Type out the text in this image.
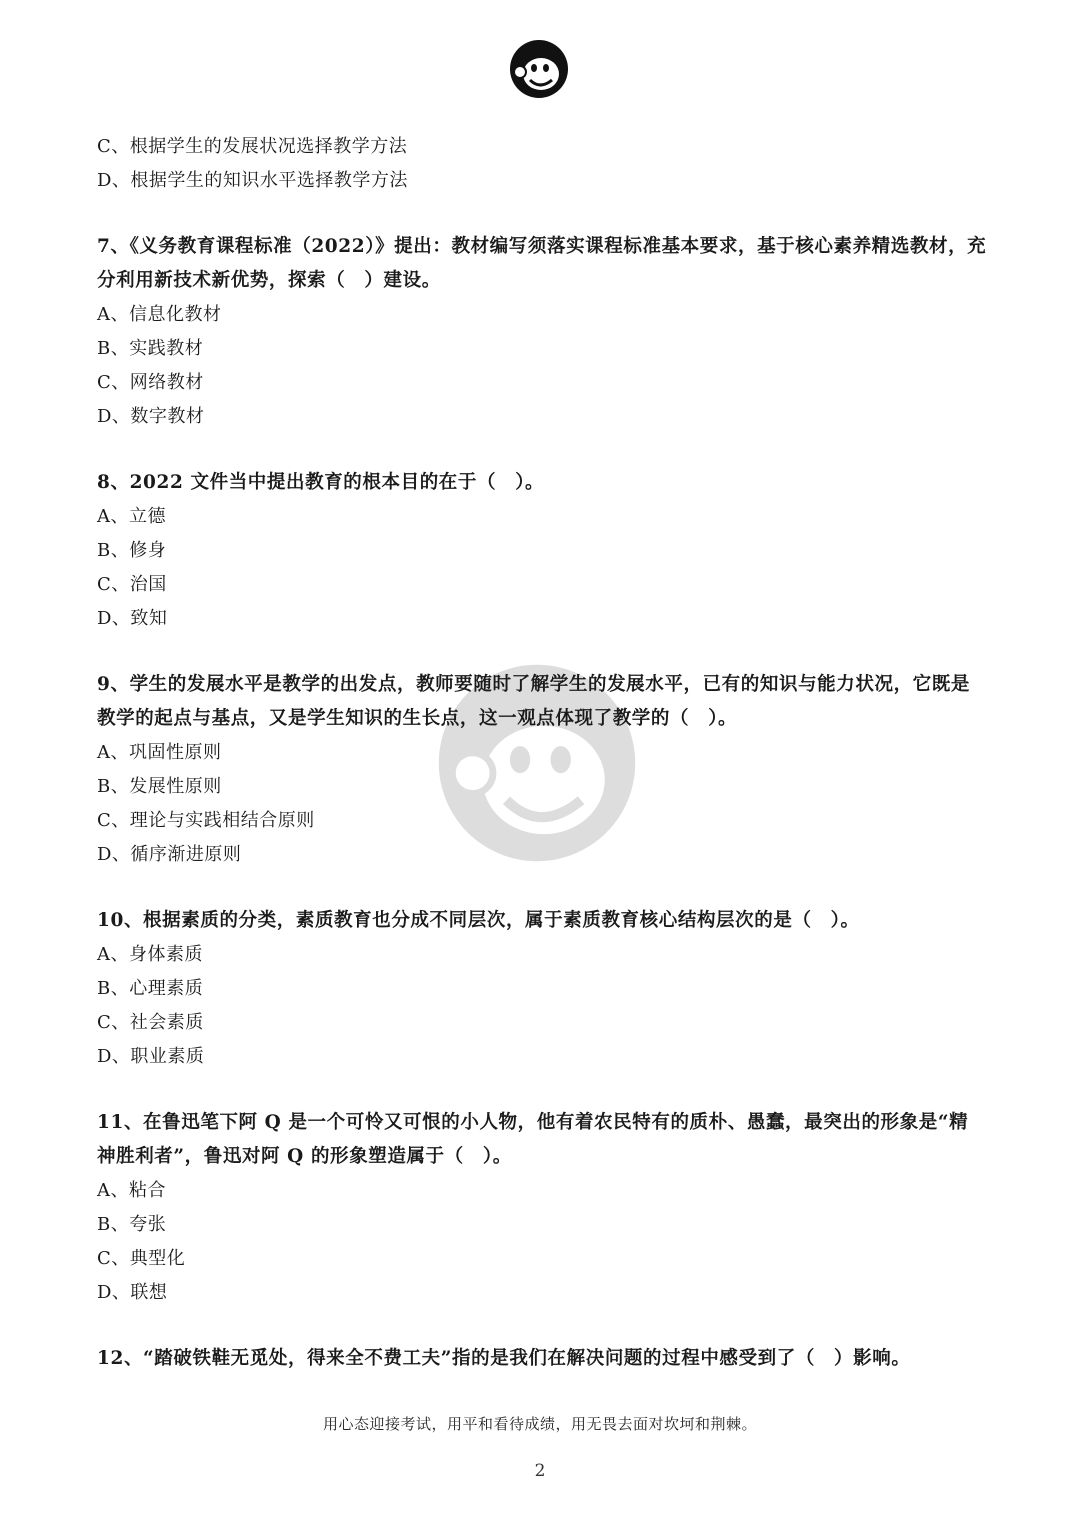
C、根据学生的发展状况选择教学方法
D、根据学生的知识水平选择教学方法
7、《义务教育课程标准（2022）》提出：教材编写须落实课程标准基本要求，基于核心素养精选教材，充分利用新技术新优势，探索（　）建设。
A、信息化教材
B、实践教材
C、网络教材
D、数字教材
8、2022 文件当中提出教育的根本目的在于（　）。
A、立德
B、修身
C、治国
D、致知
9、学生的发展水平是教学的出发点，教师要随时了解学生的发展水平，已有的知识与能力状况，它既是教学的起点与基点，又是学生知识的生长点，这一观点体现了教学的（　）。
A、巩固性原则
B、发展性原则
C、理论与实践相结合原则
D、循序渐进原则
10、根据素质的分类，素质教育也分成不同层次，属于素质教育核心结构层次的是（　）。
A、身体素质
B、心理素质
C、社会素质
D、职业素质
11、在鲁迅笔下阿 Q 是一个可怜又可恨的小人物，他有着农民特有的质朴、愚蠢，最突出的形象是“精神胜利者”，鲁迅对阿 Q 的形象塑造属于（　）。
A、粘合
B、夸张
C、典型化
D、联想
12、“踏破铁鞋无觅处，得来全不费工夫”指的是我们在解决问题的过程中感受到了（　）影响。
用心态迎接考试，用平和看待成绩，用无畏去面对坎坷和荆棘。
2
